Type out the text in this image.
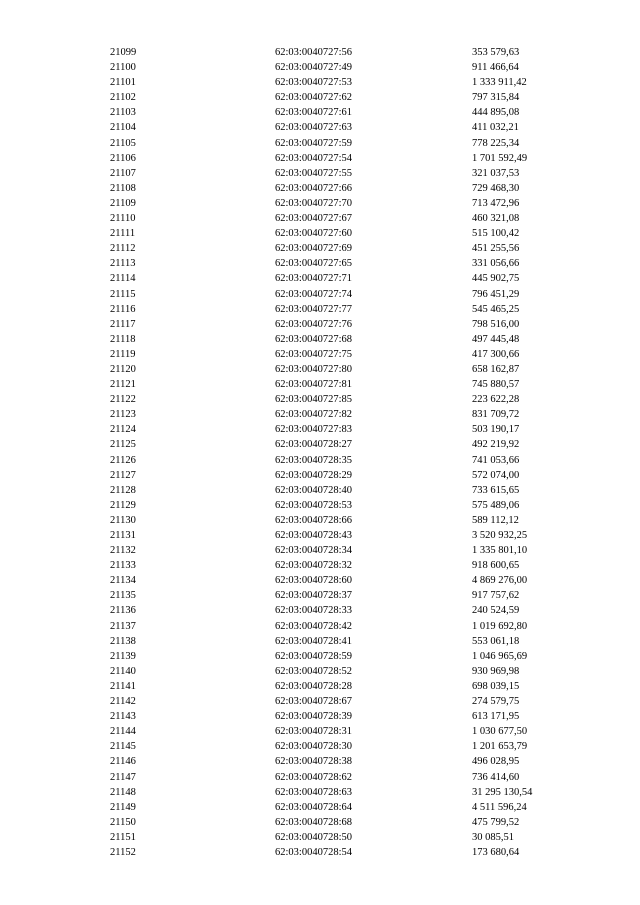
21099	62:03:0040727:56	353 579,63
21100	62:03:0040727:49	911 466,64
21101	62:03:0040727:53	1 333 911,42
21102	62:03:0040727:62	797 315,84
21103	62:03:0040727:61	444 895,08
21104	62:03:0040727:63	411 032,21
21105	62:03:0040727:59	778 225,34
21106	62:03:0040727:54	1 701 592,49
21107	62:03:0040727:55	321 037,53
21108	62:03:0040727:66	729 468,30
21109	62:03:0040727:70	713 472,96
21110	62:03:0040727:67	460 321,08
21111	62:03:0040727:60	515 100,42
21112	62:03:0040727:69	451 255,56
21113	62:03:0040727:65	331 056,66
21114	62:03:0040727:71	445 902,75
21115	62:03:0040727:74	796 451,29
21116	62:03:0040727:77	545 465,25
21117	62:03:0040727:76	798 516,00
21118	62:03:0040727:68	497 445,48
21119	62:03:0040727:75	417 300,66
21120	62:03:0040727:80	658 162,87
21121	62:03:0040727:81	745 880,57
21122	62:03:0040727:85	223 622,28
21123	62:03:0040727:82	831 709,72
21124	62:03:0040727:83	503 190,17
21125	62:03:0040728:27	492 219,92
21126	62:03:0040728:35	741 053,66
21127	62:03:0040728:29	572 074,00
21128	62:03:0040728:40	733 615,65
21129	62:03:0040728:53	575 489,06
21130	62:03:0040728:66	589 112,12
21131	62:03:0040728:43	3 520 932,25
21132	62:03:0040728:34	1 335 801,10
21133	62:03:0040728:32	918 600,65
21134	62:03:0040728:60	4 869 276,00
21135	62:03:0040728:37	917 757,62
21136	62:03:0040728:33	240 524,59
21137	62:03:0040728:42	1 019 692,80
21138	62:03:0040728:41	553 061,18
21139	62:03:0040728:59	1 046 965,69
21140	62:03:0040728:52	930 969,98
21141	62:03:0040728:28	698 039,15
21142	62:03:0040728:67	274 579,75
21143	62:03:0040728:39	613 171,95
21144	62:03:0040728:31	1 030 677,50
21145	62:03:0040728:30	1 201 653,79
21146	62:03:0040728:38	496 028,95
21147	62:03:0040728:62	736 414,60
21148	62:03:0040728:63	31 295 130,54
21149	62:03:0040728:64	4 511 596,24
21150	62:03:0040728:68	475 799,52
21151	62:03:0040728:50	30 085,51
21152	62:03:0040728:54	173 680,64
